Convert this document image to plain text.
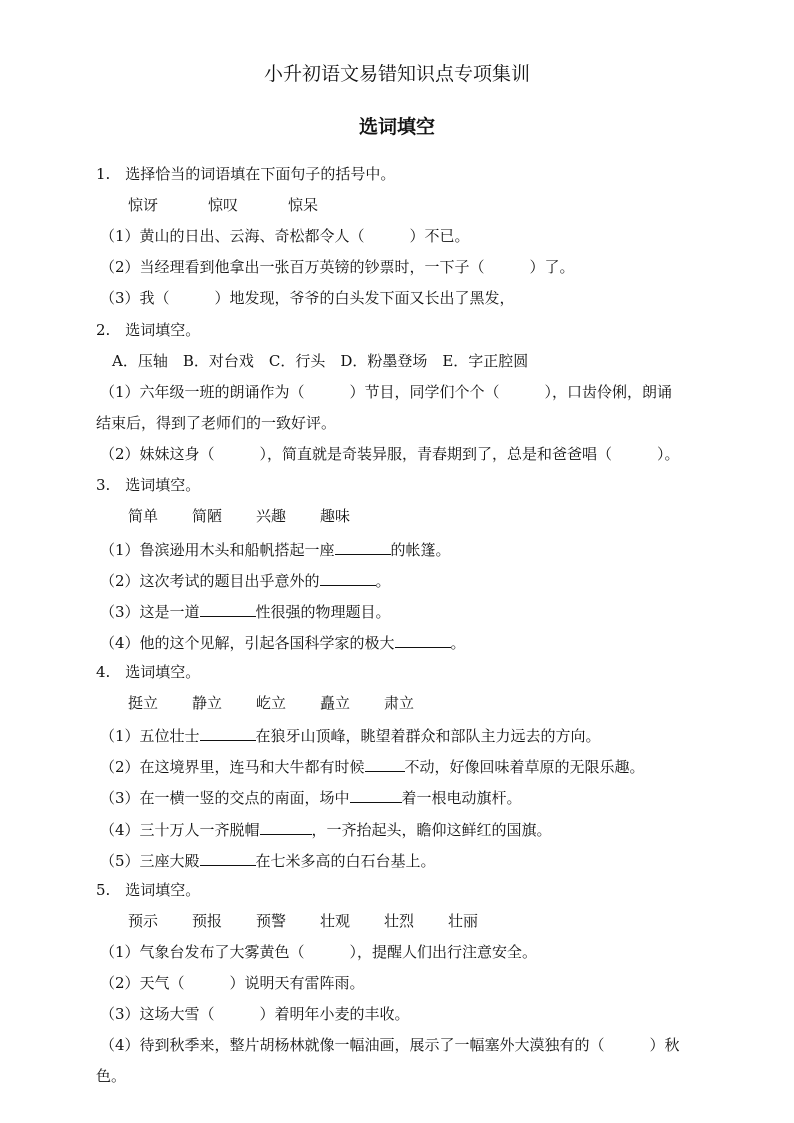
小升初语文易错知识点专项集训
选词填空
1.　选择恰当的词语填在下面句子的括号中。
惊讶	惊叹	惊呆
（1）黄山的日出、云海、奇松都令人（　　　）不已。
（2）当经理看到他拿出一张百万英镑的钞票时，一下子（　　　）了。
（3）我（　　　）地发现，爷爷的白头发下面又长出了黑发，
2.　选词填空。
A．压轴　B．对台戏　C．行头　D．粉墨登场　E．字正腔圆
（1）六年级一班的朗诵作为（　　　）节目，同学们个个（　　　），口齿伶俐，朗诵
结束后，得到了老师们的一致好评。
（2）妹妹这身（　　　），简直就是奇装异服，青春期到了，总是和爸爸唱（　　　）。
3.　选词填空。
简单 简陋 兴趣 趣味
（1）鲁滨逊用木头和船帆搭起一座	的帐篷。
（2）这次考试的题目出乎意外的	。
（3）这是一道	性很强的物理题目。
（4）他的这个见解，引起各国科学家的极大	。
4.　选词填空。
挺立 静立 屹立 矗立 肃立
（1）五位壮士	在狼牙山顶峰，眺望着群众和部队主力远去的方向。
（2）在这境界里，连马和大牛都有时候	不动，好像回味着草原的无限乐趣。
（3）在一横一竖的交点的南面，场中	着一根电动旗杆。
（4）三十万人一齐脱帽	，一齐抬起头，瞻仰这鲜红的国旗。
（5）三座大殿	在七米多高的白石台基上。
5.　选词填空。
预示 预报 预警 壮观 壮烈 壮丽
（1）气象台发布了大雾黄色（　　　），提醒人们出行注意安全。
（2）天气（　　　）说明天有雷阵雨。
（3）这场大雪（　　　）着明年小麦的丰收。
（4）待到秋季来，整片胡杨林就像一幅油画，展示了一幅塞外大漠独有的（　　　）秋
色。
